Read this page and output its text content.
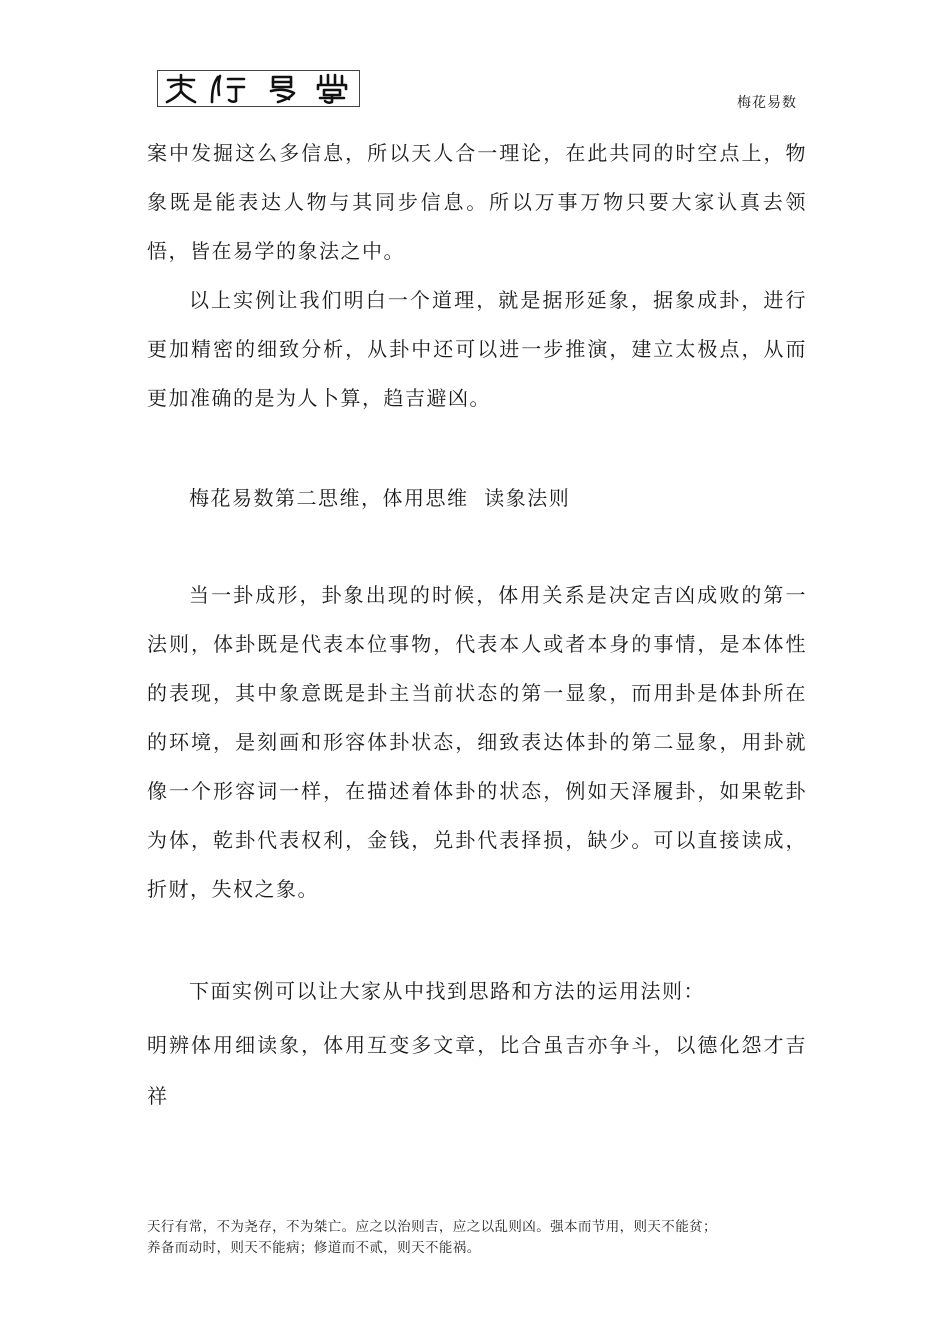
梅花易数

案中发掘这么多信息，所以天人合一理论，在此共同的时空点上，物象既是能表达人物与其同步信息。所以万事万物只要大家认真去领悟，皆在易学的象法之中。

以上实例让我们明白一个道理，就是据形延象，据象成卦，进行更加精密的细致分析，从卦中还可以进一步推演，建立太极点，从而更加准确的是为人卜算，趋吉避凶。

梅花易数第二思维，体用思维  读象法则

当一卦成形，卦象出现的时候，体用关系是决定吉凶成败的第一法则，体卦既是代表本位事物，代表本人或者本身的事情，是本体性的表现，其中象意既是卦主当前状态的第一显象，而用卦是体卦所在的环境，是刻画和形容体卦状态，细致表达体卦的第二显象，用卦就像一个形容词一样，在描述着体卦的状态，例如天泽履卦，如果乾卦为体，乾卦代表权利，金钱，兑卦代表择损，缺少。可以直接读成，折财，失权之象。

下面实例可以让大家从中找到思路和方法的运用法则：

明辨体用细读象，体用互变多文章，比合虽吉亦争斗，以德化怨才吉祥

天行有常，不为尧存，不为桀亡。应之以治则吉，应之以乱则凶。强本而节用，则天不能贫；

养备而动时，则天不能病；修道而不贰，则天不能祸。
